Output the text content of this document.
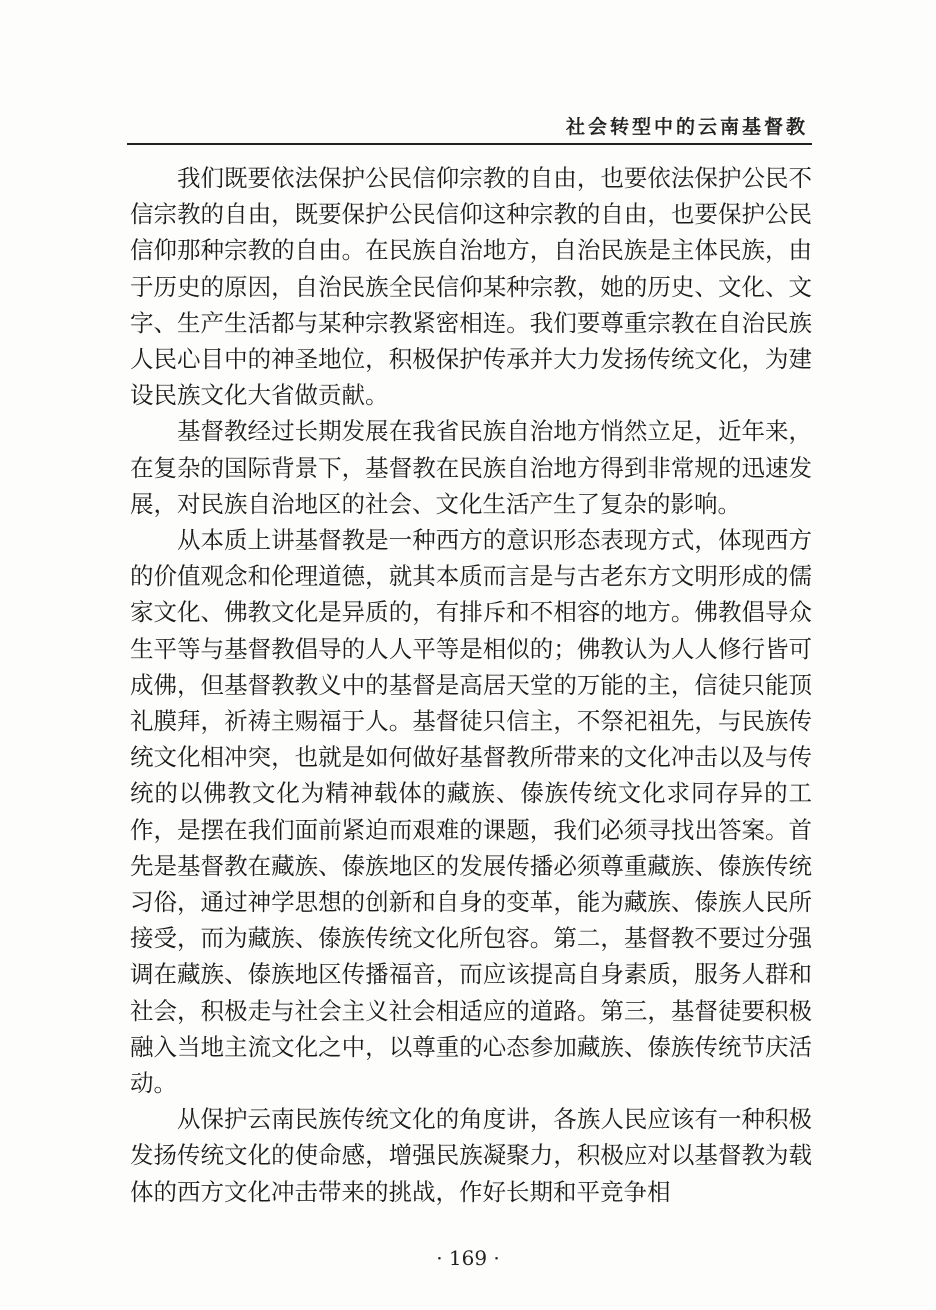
社会转型中的云南基督教

我们既要依法保护公民信仰宗教的自由，也要依法保护公民不信宗教的自由，既要保护公民信仰这种宗教的自由，也要保护公民信仰那种宗教的自由。在民族自治地方，自治民族是主体民族，由于历史的原因，自治民族全民信仰某种宗教，她的历史、文化、文字、生产生活都与某种宗教紧密相连。我们要尊重宗教在自治民族人民心目中的神圣地位，积极保护传承并大力发扬传统文化，为建设民族文化大省做贡献。

基督教经过长期发展在我省民族自治地方悄然立足，近年来，在复杂的国际背景下，基督教在民族自治地方得到非常规的迅速发展，对民族自治地区的社会、文化生活产生了复杂的影响。

从本质上讲基督教是一种西方的意识形态表现方式，体现西方的价值观念和伦理道德，就其本质而言是与古老东方文明形成的儒家文化、佛教文化是异质的，有排斥和不相容的地方。佛教倡导众生平等与基督教倡导的人人平等是相似的；佛教认为人人修行皆可成佛，但基督教教义中的基督是高居天堂的万能的主，信徒只能顶礼膜拜，祈祷主赐福于人。基督徒只信主，不祭祀祖先，与民族传统文化相冲突，也就是如何做好基督教所带来的文化冲击以及与传统的以佛教文化为精神载体的藏族、傣族传统文化求同存异的工作，是摆在我们面前紧迫而艰难的课题，我们必须寻找出答案。首先是基督教在藏族、傣族地区的发展传播必须尊重藏族、傣族传统习俗，通过神学思想的创新和自身的变革，能为藏族、傣族人民所接受，而为藏族、傣族传统文化所包容。第二，基督教不要过分强调在藏族、傣族地区传播福音，而应该提高自身素质，服务人群和社会，积极走与社会主义社会相适应的道路。第三，基督徒要积极融入当地主流文化之中，以尊重的心态参加藏族、傣族传统节庆活动。

从保护云南民族传统文化的角度讲，各族人民应该有一种积极发扬传统文化的使命感，增强民族凝聚力，积极应对以基督教为载体的西方文化冲击带来的挑战，作好长期和平竞争相

· 169 ·
